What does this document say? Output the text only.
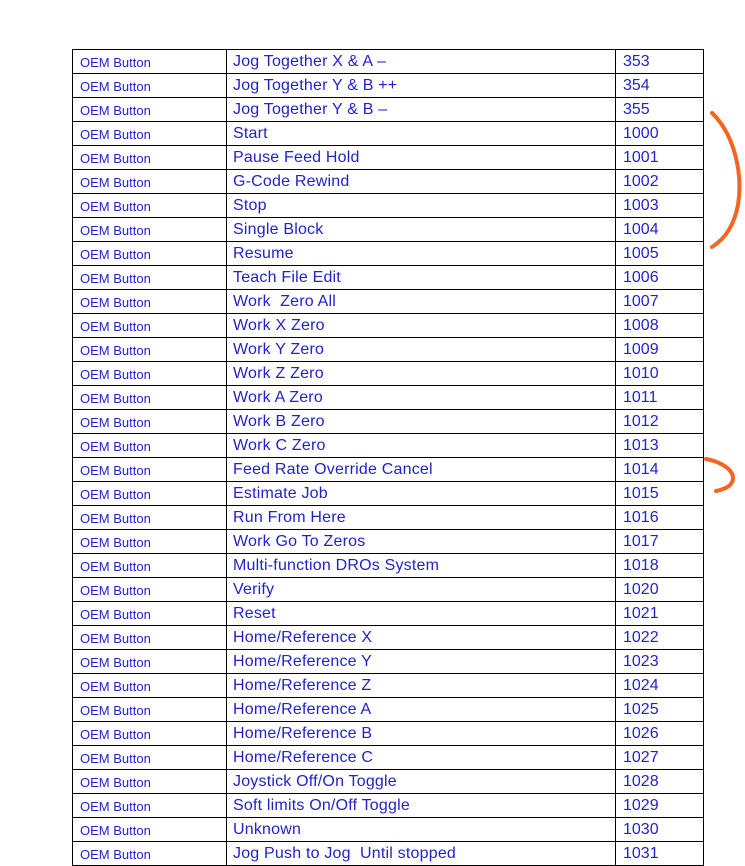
OEM Button	Jog Together X & A –	353
OEM Button	Jog Together Y & B ++	354
OEM Button	Jog Together Y & B –	355
OEM Button	Start	1000
OEM Button	Pause Feed Hold	1001
OEM Button	G-Code Rewind	1002
OEM Button	Stop	1003
OEM Button	Single Block	1004
OEM Button	Resume	1005
OEM Button	Teach File Edit	1006
OEM Button	Work  Zero All	1007
OEM Button	Work X Zero	1008
OEM Button	Work Y Zero	1009
OEM Button	Work Z Zero	1010
OEM Button	Work A Zero	1011
OEM Button	Work B Zero	1012
OEM Button	Work C Zero	1013
OEM Button	Feed Rate Override Cancel	1014
OEM Button	Estimate Job	1015
OEM Button	Run From Here	1016
OEM Button	Work Go To Zeros	1017
OEM Button	Multi-function DROs System	1018
OEM Button	Verify	1020
OEM Button	Reset	1021
OEM Button	Home/Reference X	1022
OEM Button	Home/Reference Y	1023
OEM Button	Home/Reference Z	1024
OEM Button	Home/Reference A	1025
OEM Button	Home/Reference B	1026
OEM Button	Home/Reference C	1027
OEM Button	Joystick Off/On Toggle	1028
OEM Button	Soft limits On/Off Toggle	1029
OEM Button	Unknown	1030
OEM Button	Jog Push to Jog  Until stopped	1031
